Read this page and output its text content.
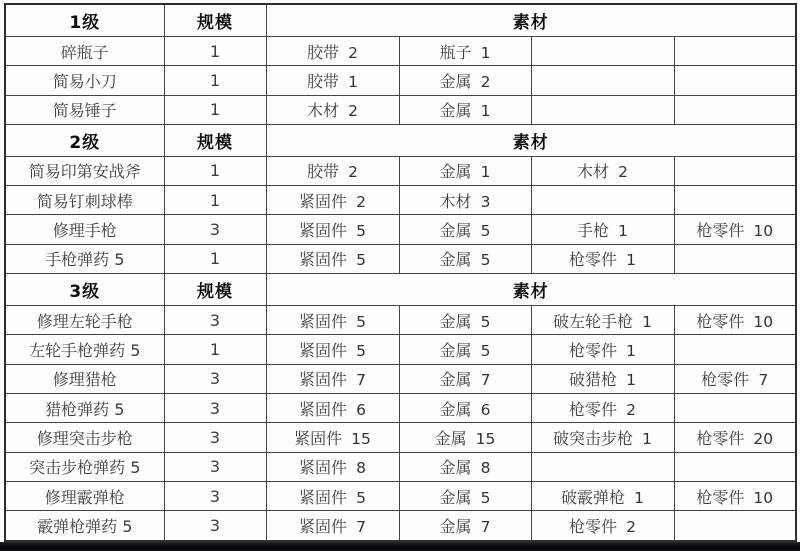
1级	规模	素材			
碎瓶子	1	胶带 2	瓶子 1		

简易小刀	1	胶带 1	金属 2		

简易锤子	1	木材 2	金属 1		

2级	规模	素材			
简易印第安战斧	1	胶带 2	金属 1	木材 2	

简易钉刺球棒	1	紧固件 2	木材 3		

修理手枪	3	紧固件 5	金属 5	手枪 1	枪零件 10

手枪弹药 5	1	紧固件 5	金属 5	枪零件 1	

3级	规模	素材			
修理左轮手枪	3	紧固件 5	金属 5	破左轮手枪 1	枪零件 10

左轮手枪弹药 5	1	紧固件 5	金属 5	枪零件 1	

修理猎枪	3	紧固件 7	金属 7	破猎枪 1	枪零件 7

猎枪弹药 5	3	紧固件 6	金属 6	枪零件 2	

修理突击步枪	3	紧固件 15	金属 15	破突击步枪 1	枪零件 20

突击步枪弹药 5	3	紧固件 8	金属 8		

修理霰弹枪	3	紧固件 5	金属 5	破霰弹枪 1	枪零件 10

霰弹枪弹药 5	3	紧固件 7	金属 7	枪零件 2	
